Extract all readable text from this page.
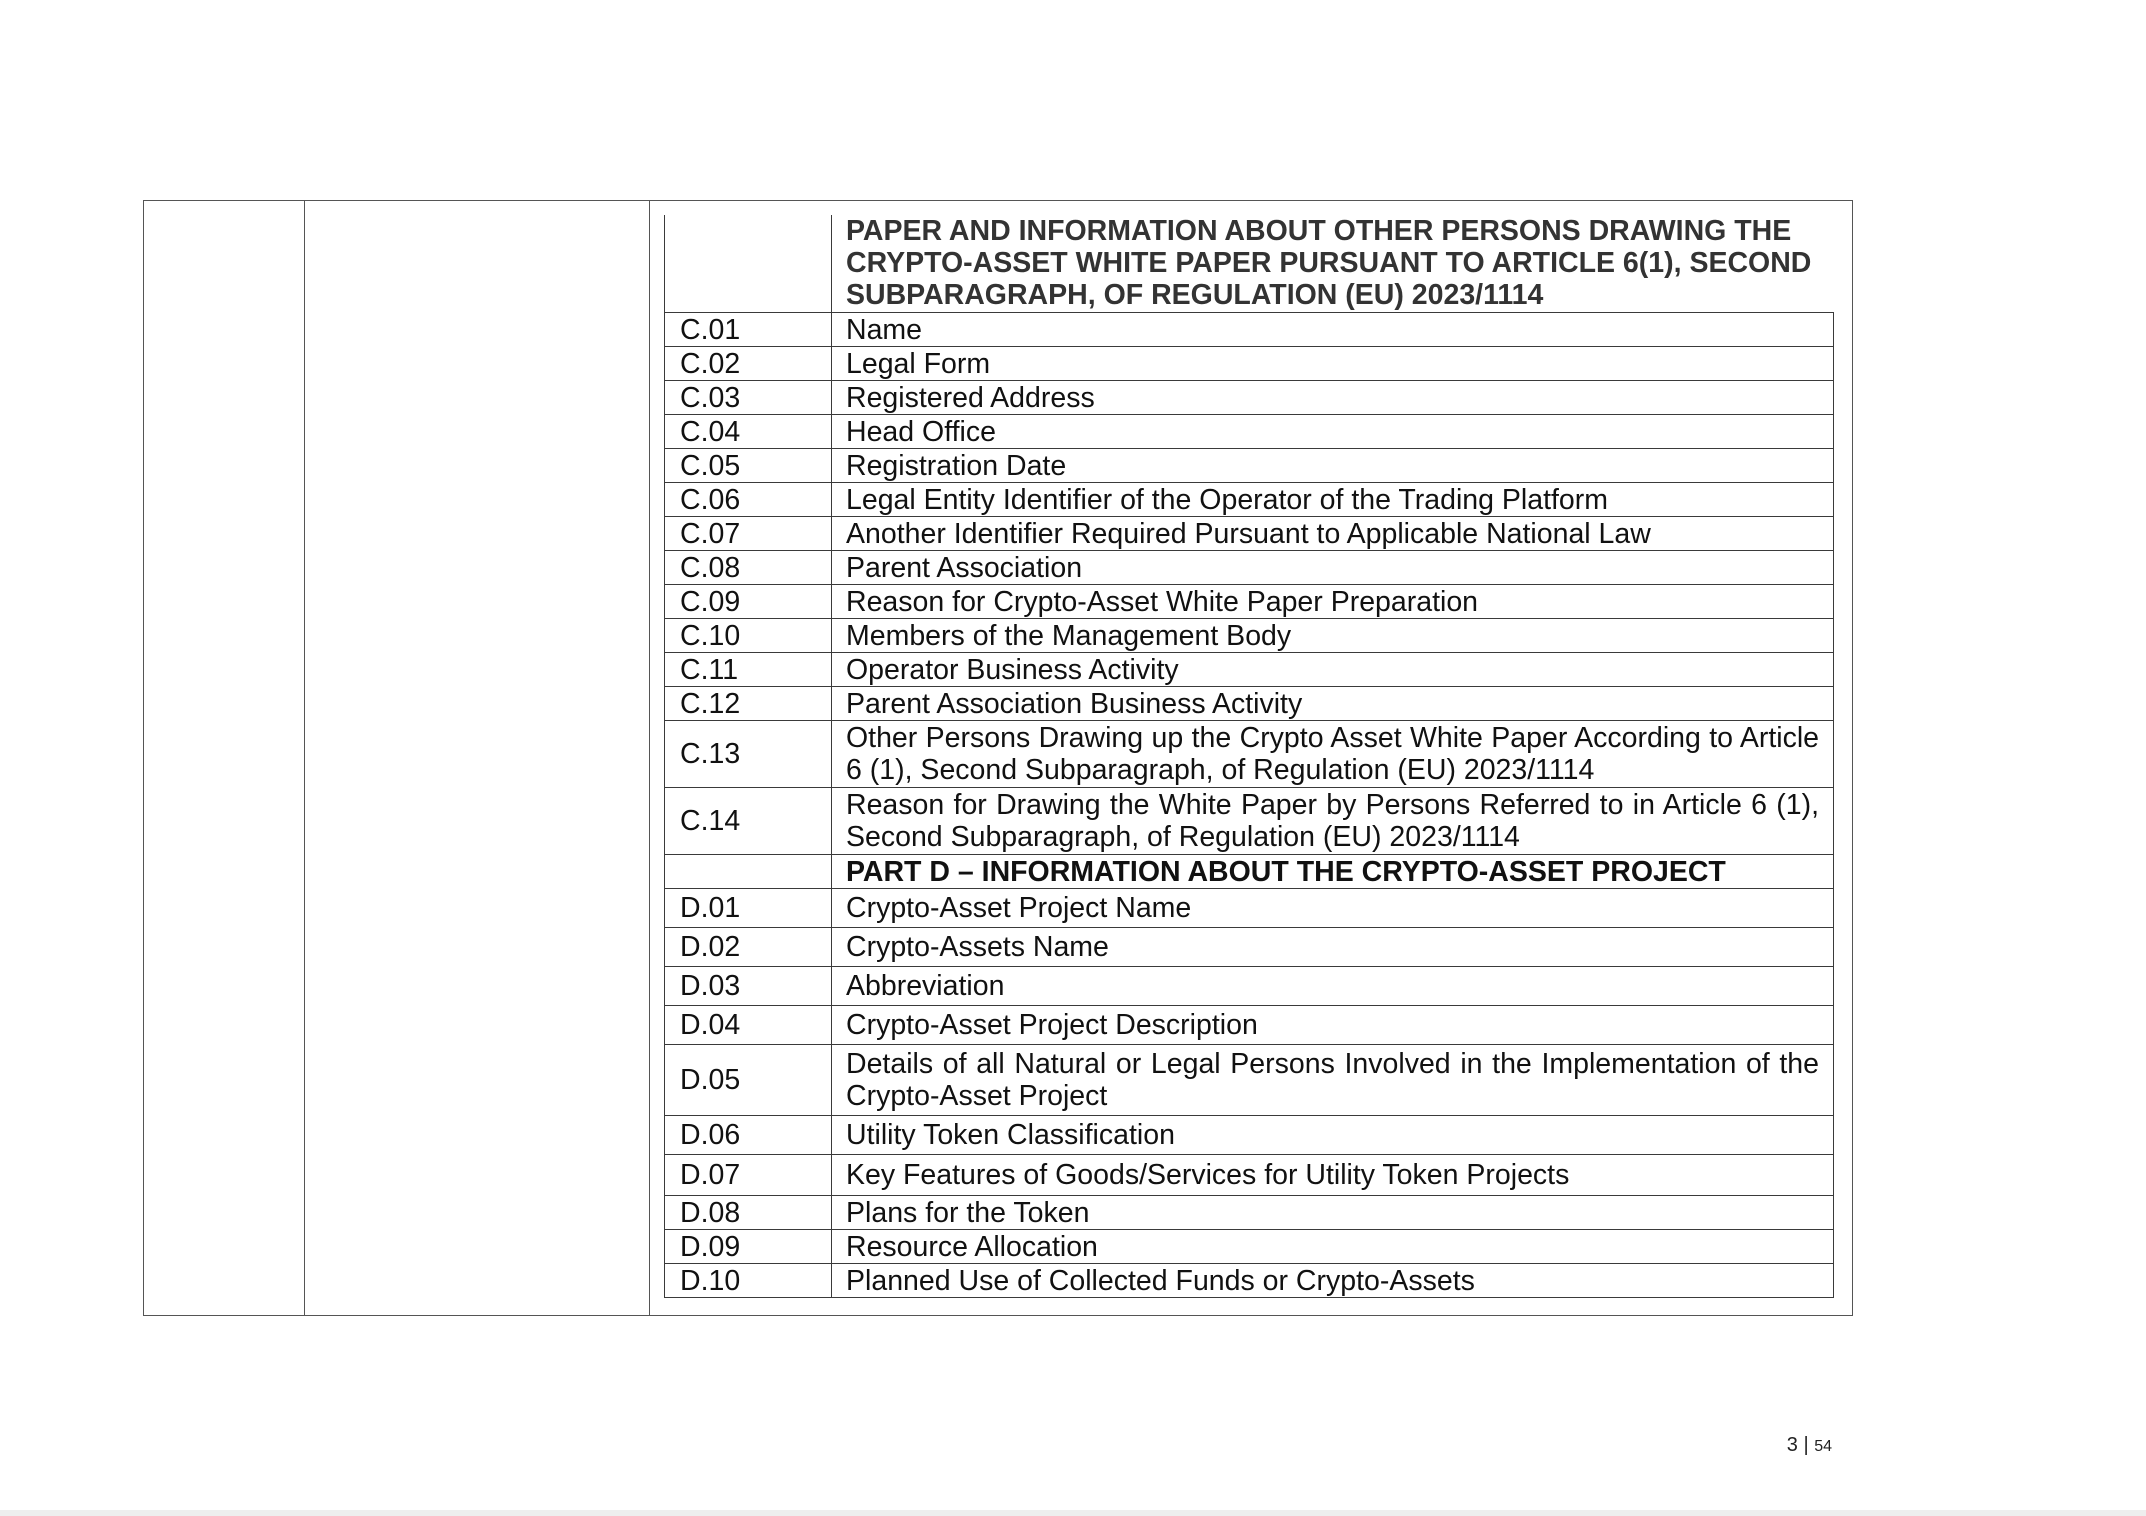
	PAPER AND INFORMATION ABOUT OTHER PERSONS DRAWING THE CRYPTO-ASSET WHITE PAPER PURSUANT TO ARTICLE 6(1), SECOND SUBPARAGRAPH, OF REGULATION (EU) 2023/1114
C.01	Name
C.02	Legal Form
C.03	Registered Address
C.04	Head Office
C.05	Registration Date
C.06	Legal Entity Identifier of the Operator of the Trading Platform
C.07	Another Identifier Required Pursuant to Applicable National Law
C.08	Parent Association
C.09	Reason for Crypto-Asset White Paper Preparation
C.10	Members of the Management Body
C.11	Operator Business Activity
C.12	Parent Association Business Activity
C.13	Other Persons Drawing up the Crypto Asset White Paper According to Article 6 (1), Second Subparagraph, of Regulation (EU) 2023/1114
C.14	Reason for Drawing the White Paper by Persons Referred to in Article 6 (1), Second Subparagraph, of Regulation (EU) 2023/1114
	PART D – INFORMATION ABOUT THE CRYPTO-ASSET PROJECT
D.01	Crypto-Asset Project Name
D.02	Crypto-Assets Name
D.03	Abbreviation
D.04	Crypto-Asset Project Description
D.05	Details of all Natural or Legal Persons Involved in the Implementation of the Crypto-Asset Project
D.06	Utility Token Classification
D.07	Key Features of Goods/Services for Utility Token Projects
D.08	Plans for the Token
D.09	Resource Allocation
D.10	Planned Use of Collected Funds or Crypto-Assets
3 | 54
